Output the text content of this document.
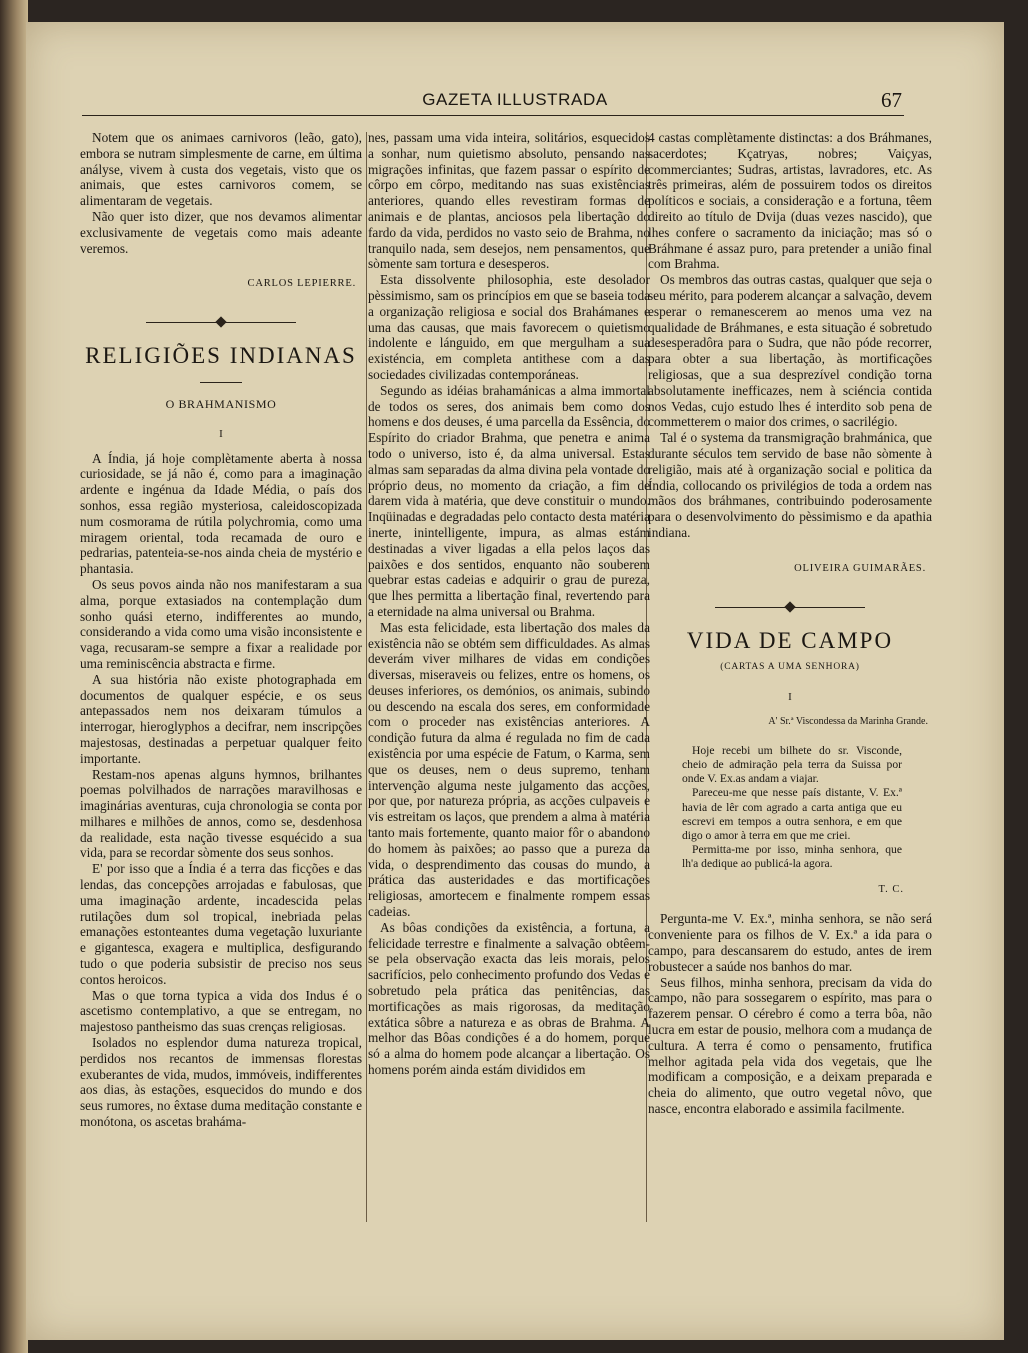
GAZETA ILLUSTRADA	67

Notem que os animaes carnivoros (leão, gato), embora se nutram simplesmente de carne, em última anályse, vivem à custa dos vegetais, visto que os animais, que estes carnivoros comem, se alimentaram de vegetais.

Não quer isto dizer, que nos devamos alimentar exclusivamente de vegetais como mais adeante veremos.

CARLOS LEPIERRE.
RELIGIÕES INDIANAS
O BRAHMANISMO
I

A Índia, já hoje complètamente aberta à nossa curiosidade, se já não é, como para a imaginação ardente e ingénua da Idade Média, o país dos sonhos, essa região mysteriosa, caleidoscopizada num cosmorama de rútila polychromia, como uma miragem oriental, toda recamada de ouro e pedrarias, patenteia-se-nos ainda cheia de mystério e phantasia.

Os seus povos ainda não nos manifestaram a sua alma, porque extasiados na contemplação dum sonho quási eterno, indifferentes ao mundo, considerando a vida como uma visão inconsistente e vaga, recusaram-se sempre a fixar a realidade por uma reminiscência abstracta e firme.

A sua história não existe photographada em documentos de qualquer espécie, e os seus antepassados nem nos deixaram túmulos a interrogar, hieroglyphos a decifrar, nem inscripções majestosas, destinadas a perpetuar qualquer feito importante.

Restam-nos apenas alguns hymnos, brilhantes poemas polvilhados de narrações maravilhosas e imaginárias aventuras, cuja chronologia se conta por milhares e milhões de annos, como se, desdenhosa da realidade, esta nação tivesse esquécido a sua vida, para se recordar sòmente dos seus sonhos.

E' por isso que a Índia é a terra das ficções e das lendas, das concepções arrojadas e fabulosas, que uma imaginação ardente, incadescida pelas rutilações dum sol tropical, inebriada pelas emanações estonteantes duma vegetação luxuriante e gigantesca, exagera e multiplica, desfigurando tudo o que poderia subsistir de preciso nos seus contos heroicos.

Mas o que torna typica a vida dos Indus é o ascetismo contemplativo, a que se entregam, no majestoso pantheismo das suas crenças religiosas.

Isolados no esplendor duma natureza tropical, perdidos nos recantos de immensas florestas exuberantes de vida, mudos, immóveis, indifferentes aos dias, às estações, esquecidos do mundo e dos seus rumores, no êxtase duma meditação constante e monótona, os ascetas braháma-

nes, passam uma vida inteira, solitários, esquecidos a sonhar, num quietismo absoluto, pensando nas migrações infinitas, que fazem passar o espírito de côrpo em côrpo, meditando nas suas existências anteriores, quando elles revestiram formas de animais e de plantas, anciosos pela libertação do fardo da vida, perdidos no vasto seio de Brahma, no tranquilo nada, sem desejos, nem pensamentos, que sòmente sam tortura e desesperos.

Esta dissolvente philosophia, este desolador pèssimismo, sam os princípios em que se baseia toda a organização religiosa e social dos Brahámanes e uma das causas, que mais favorecem o quietismo indolente e lánguido, em que mergulham a sua existéncia, em completa antithese com a das sociedades civilizadas contemporáneas.

Segundo as idéias brahamánicas a alma immortal de todos os seres, dos animais bem como dos homens e dos deuses, é uma parcella da Essência, do Espírito do criador Brahma, que penetra e anima todo o universo, isto é, da alma universal. Estas almas sam separadas da alma divina pela vontade do próprio deus, no momento da criação, a fim de darem vida à matéria, que deve constituir o mundo. Inqüinadas e degradadas pelo contacto desta matéria inerte, inintelligente, impura, as almas estám destinadas a viver ligadas a ella pelos laços das paixões e dos sentidos, enquanto não souberem quebrar estas cadeias e adquirir o grau de pureza, que lhes permitta a libertação final, revertendo para a eternidade na alma universal ou Brahma.

Mas esta felicidade, esta libertação dos males da existência não se obtém sem difficuldades. As almas deverám viver milhares de vidas em condições diversas, miseraveis ou felizes, entre os homens, os deuses inferiores, os demónios, os animais, subindo ou descendo na escala dos seres, em conformidade com o proceder nas existências anteriores. A condição futura da alma é regulada no fim de cada existência por uma espécie de Fatum, o Karma, sem que os deuses, nem o deus supremo, tenham intervenção alguma neste julgamento das acções, por que, por natureza própria, as acções culpaveis e vis estreitam os laços, que prendem a alma à matéria tanto mais fortemente, quanto maior fôr o abandono do homem às paixões; ao passo que a pureza da vida, o desprendimento das cousas do mundo, a prática das austeridades e das mortificações religiosas, amortecem e finalmente rompem essas cadeias.

As bôas condições da existência, a fortuna, a felicidade terrestre e finalmente a salvação obtêem-se pela observação exacta das leis morais, pelos sacrifícios, pelo conhecimento profundo dos Vedas e sobretudo pela prática das penitências, das mortificações as mais rigorosas, da meditação extática sôbre a natureza e as obras de Brahma. A melhor das Bôas condições é a do homem, porque só a alma do homem pode alcançar a libertação. Os homens porém ainda estám divididos em

4 castas complètamente distinctas: a dos Bráhmanes, sacerdotes; Kçatryas, nobres; Vaiçyas, commerciantes; Sudras, artistas, lavradores, etc. As três primeiras, além de possuirem todos os direitos políticos e sociais, a consideração e a fortuna, têem direito ao título de Dvija (duas vezes nascido), que lhes confere o sacramento da iniciação; mas só o Bráhmane é assaz puro, para pretender a união final com Brahma.

Os membros das outras castas, qualquer que seja o seu mérito, para poderem alcançar a salvação, devem esperar o remanescerem ao menos uma vez na qualidade de Bráhmanes, e esta situação é sobretudo desesperadôra para o Sudra, que não póde recorrer, para obter a sua libertação, às mortificações religiosas, que a sua desprezível condição torna absolutamente inefficazes, nem à sciéncia contida nos Vedas, cujo estudo lhes é interdito sob pena de commetterem o maior dos crimes, o sacrilégio.

Tal é o systema da transmigração brahmánica, que durante séculos tem servido de base não sòmente à religião, mais até à organização social e politica da Índia, collocando os privilégios de toda a ordem nas mãos dos bráhmanes, contribuindo poderosamente para o desenvolvimento do pèssimismo e da apathia indiana.

OLIVEIRA GUIMARÃES.
VIDA DE CAMPO
(CARTAS A UMA SENHORA)
I
A' Sr.ª Viscondessa da Marinha Grande.

Hoje recebi um bilhete do sr. Visconde, cheio de admiração pela terra da Suissa por onde V. Ex.as andam a viajar.

Pareceu-me que nesse país distante, V. Ex.ª havia de lêr com agrado a carta antiga que eu escrevi em tempos a outra senhora, e em que digo o amor à terra em que me criei.

Permitta-me por isso, minha senhora, que lh'a dedique ao publicá-la agora.

T. C.

Pergunta-me V. Ex.ª, minha senhora, se não será conveniente para os filhos de V. Ex.ª a ida para o campo, para descansarem do estudo, antes de irem robustecer a saúde nos banhos do mar.

Seus filhos, minha senhora, precisam da vida do campo, não para sossegarem o espírito, mas para o fazerem pensar. O cérebro é como a terra bôa, não lucra em estar de pousio, melhora com a mudança de cultura. A terra é como o pensamento, frutifica melhor agitada pela vida dos vegetais, que lhe modificam a composição, e a deixam preparada e cheia do alimento, que outro vegetal nôvo, que nasce, encontra elaborado e assimila facilmente.
